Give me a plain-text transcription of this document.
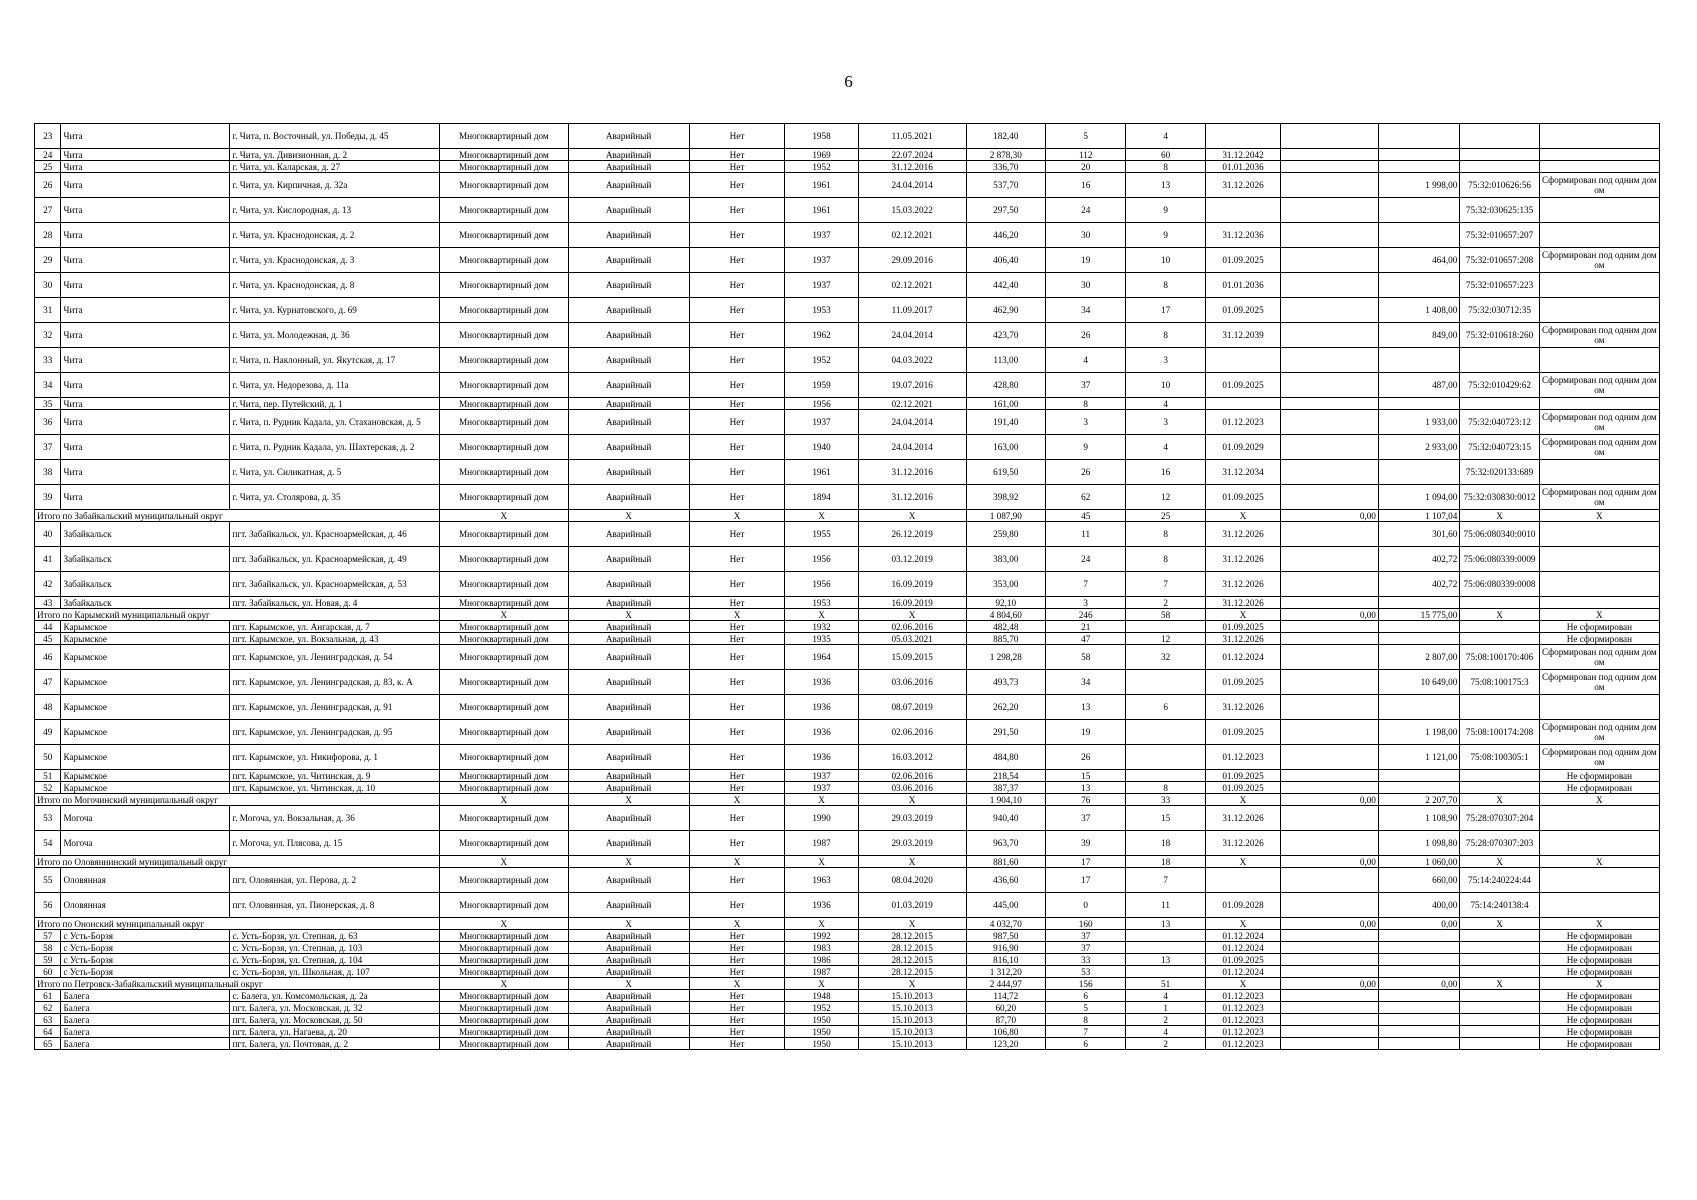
6
23	Чита	г. Чита, п. Восточный, ул. Победы, д. 45	Многоквартирный дом	Аварийный	Нет	1958	11.05.2021	182,40	5	4					
24	Чита	г. Чита, ул. Дивизионная, д. 2	Многоквартирный дом	Аварийный	Нет	1969	22.07.2024	2 878,30	112	60	31.12.2042				
25	Чита	г. Чита, ул. Каларская, д. 27	Многоквартирный дом	Аварийный	Нет	1952	31.12.2016	336,70	20	8	01.01.2036				
26	Чита	г. Чита, ул. Кирпичная, д. 32а	Многоквартирный дом	Аварийный	Нет	1961	24.04.2014	537,70	16	13	31.12.2026		1 998,00	75:32:010626:56	Сформирован под одним домом
27	Чита	г. Чита, ул. Кислородная, д. 13	Многоквартирный дом	Аварийный	Нет	1961	15.03.2022	297,50	24	9				75:32:030625:135	
28	Чита	г. Чита, ул. Краснодонская, д. 2	Многоквартирный дом	Аварийный	Нет	1937	02.12.2021	446,20	30	9	31.12.2036			75:32:010657:207	
29	Чита	г. Чита, ул. Краснодонская, д. 3	Многоквартирный дом	Аварийный	Нет	1937	29.09.2016	406,40	19	10	01.09.2025		464,00	75:32:010657:208	Сформирован под одним домом
30	Чита	г. Чита, ул. Краснодонская, д. 8	Многоквартирный дом	Аварийный	Нет	1937	02.12.2021	442,40	30	8	01.01.2036			75:32:010657:223	
31	Чита	г. Чита, ул. Курнатовского, д. 69	Многоквартирный дом	Аварийный	Нет	1953	11.09.2017	462,90	34	17	01.09.2025		1 408,00	75:32:030712:35	
32	Чита	г. Чита, ул. Молодежная, д. 36	Многоквартирный дом	Аварийный	Нет	1962	24.04.2014	423,70	26	8	31.12.2039		849,00	75:32:010618:260	Сформирован под одним домом
33	Чита	г. Чита, п. Наклонный, ул. Якутская, д. 17	Многоквартирный дом	Аварийный	Нет	1952	04.03.2022	113,00	4	3					
34	Чита	г. Чита, ул. Недорезова, д. 11а	Многоквартирный дом	Аварийный	Нет	1959	19.07.2016	428,80	37	10	01.09.2025		487,00	75:32:010429:62	Сформирован под одним домом
35	Чита	г. Чита, пер. Путейский, д. 1	Многоквартирный дом	Аварийный	Нет	1956	02.12.2021	161,00	8	4					
36	Чита	г. Чита, п. Рудник Кадала, ул. Стахановская, д. 5	Многоквартирный дом	Аварийный	Нет	1937	24.04.2014	191,40	3	3	01.12.2023		1 933,00	75:32:040723:12	Сформирован под одним домом
37	Чита	г. Чита, п. Рудник Кадала, ул. Шахтерская, д. 2	Многоквартирный дом	Аварийный	Нет	1940	24.04.2014	163,00	9	4	01.09.2029		2 933,00	75:32:040723:15	Сформирован под одним домом
38	Чита	г. Чита, ул. Силикатная, д. 5	Многоквартирный дом	Аварийный	Нет	1961	31.12.2016	619,50	26	16	31.12.2034			75:32:020133:689	
39	Чита	г. Чита, ул. Столярова, д. 35	Многоквартирный дом	Аварийный	Нет	1894	31.12.2016	398,92	62	12	01.09.2025		1 094,00	75:32:030830:0012	Сформирован под одним домом
Итого по Забайкальский муниципальный округ			X	X	X	X	X	1 087,90	45	25	X	0,00	1 107,04	X	X
40	Забайкальск	пгт. Забайкальск, ул. Красноармейская, д. 46	Многоквартирный дом	Аварийный	Нет	1955	26.12.2019	259,80	11	8	31.12.2026		301,60	75:06:080340:0010	
41	Забайкальск	пгт. Забайкальск, ул. Красноармейская, д. 49	Многоквартирный дом	Аварийный	Нет	1956	03.12.2019	383,00	24	8	31.12.2026		402,72	75:06:080339:0009	
42	Забайкальск	пгт. Забайкальск, ул. Красноармейская, д. 53	Многоквартирный дом	Аварийный	Нет	1956	16.09.2019	353,00	7	7	31.12.2026		402,72	75:06:080339:0008	
43	Забайкальск	пгт. Забайкальск, ул. Новая, д. 4	Многоквартирный дом	Аварийный	Нет	1953	16.09.2019	92,10	3	2	31.12.2026				
Итого по Карымский муниципальный округ			X	X	X	X	X	4 804,60	246	58	X	0,00	15 775,00	X	X
44	Карымское	пгт. Карымское, ул. Ангарская, д. 7	Многоквартирный дом	Аварийный	Нет	1932	02.06.2016	482,48	21		01.09.2025				Не сформирован
45	Карымское	пгт. Карымское, ул. Вокзальная, д. 43	Многоквартирный дом	Аварийный	Нет	1935	05.03.2021	885,70	47	12	31.12.2026				Не сформирован
46	Карымское	пгт. Карымское, ул. Ленинградская, д. 54	Многоквартирный дом	Аварийный	Нет	1964	15.09.2015	1 298,28	58	32	01.12.2024		2 807,00	75:08:100170:406	Сформирован под одним домом
47	Карымское	пгт. Карымское, ул. Ленинградская, д. 83, к. А	Многоквартирный дом	Аварийный	Нет	1936	03.06.2016	493,73	34		01.09.2025		10 649,00	75:08:100175:3	Сформирован под одним домом
48	Карымское	пгт. Карымское, ул. Ленинградская, д. 91	Многоквартирный дом	Аварийный	Нет	1936	08.07.2019	262,20	13	6	31.12.2026				
49	Карымское	пгт. Карымское, ул. Ленинградская, д. 95	Многоквартирный дом	Аварийный	Нет	1936	02.06.2016	291,50	19		01.09.2025		1 198,00	75:08:100174:208	Сформирован под одним домом
50	Карымское	пгт. Карымское, ул. Никифорова, д. 1	Многоквартирный дом	Аварийный	Нет	1936	16.03.2012	484,80	26		01.12.2023		1 121,00	75:08:100305:1	Сформирован под одним домом
51	Карымское	пгт. Карымское, ул. Читинская, д. 9	Многоквартирный дом	Аварийный	Нет	1937	02.06.2016	218,54	15		01.09.2025				Не сформирован
52	Карымское	пгт. Карымское, ул. Читинская, д. 10	Многоквартирный дом	Аварийный	Нет	1937	03.06.2016	387,37	13	8	01.09.2025				Не сформирован
Итого по Могочинский муниципальный округ			X	X	X	X	X	1 904,10	76	33	X	0,00	2 207,70	X	X
53	Могоча	г. Могоча, ул. Вокзальная, д. 36	Многоквартирный дом	Аварийный	Нет	1990	29.03.2019	940,40	37	15	31.12.2026		1 108,90	75:28:070307:204	
54	Могоча	г. Могоча, ул. Плясова, д. 15	Многоквартирный дом	Аварийный	Нет	1987	29.03.2019	963,70	39	18	31.12.2026		1 098,80	75:28:070307:203	
Итого по Оловяннинский муниципальный округ			X	X	X	X	X	881,60	17	18	X	0,00	1 060,00	X	X
55	Оловянная	пгт. Оловянная, ул. Перова, д. 2	Многоквартирный дом	Аварийный	Нет	1963	08.04.2020	436,60	17	7			660,00	75:14:240224:44	
56	Оловянная	пгт. Оловянная, ул. Пионерская, д. 8	Многоквартирный дом	Аварийный	Нет	1936	01.03.2019	445,00	0	11	01.09.2028		400,00	75:14:240138:4	
Итого по Ононский муниципальный округ			X	X	X	X	X	4 032,70	160	13	X	0,00	0,00	X	X
57	с Усть-Борзя	с. Усть-Борзя, ул. Степная, д. 63	Многоквартирный дом	Аварийный	Нет	1992	28.12.2015	987,50	37		01.12.2024				Не сформирован
58	с Усть-Борзя	с. Усть-Борзя, ул. Степная, д. 103	Многоквартирный дом	Аварийный	Нет	1983	28.12.2015	916,90	37		01.12.2024				Не сформирован
59	с Усть-Борзя	с. Усть-Борзя, ул. Степная, д. 104	Многоквартирный дом	Аварийный	Нет	1986	28.12.2015	816,10	33	13	01.09.2025				Не сформирован
60	с Усть-Борзя	с. Усть-Борзя, ул. Школьная, д. 107	Многоквартирный дом	Аварийный	Нет	1987	28.12.2015	1 312,20	53		01.12.2024				Не сформирован
Итого по Петровск-Забайкальский муниципальный округ			X	X	X	X	X	2 444,97	156	51	X	0,00	0,00	X	X
61	Балега	с. Балега, ул. Комсомольская, д. 2а	Многоквартирный дом	Аварийный	Нет	1948	15.10.2013	114,72	6	4	01.12.2023				Не сформирован
62	Балега	пгт. Балега, ул. Московская, д. 32	Многоквартирный дом	Аварийный	Нет	1952	15.10.2013	60,20	5	1	01.12.2023				Не сформирован
63	Балега	пгт. Балега, ул. Московская, д. 50	Многоквартирный дом	Аварийный	Нет	1950	15.10.2013	87,70	8	2	01.12.2023				Не сформирован
64	Балега	пгт. Балега, ул. Нагаева, д. 20	Многоквартирный дом	Аварийный	Нет	1950	15.10.2013	106,80	7	4	01.12.2023				Не сформирован
65	Балега	пгт. Балега, ул. Почтовая, д. 2	Многоквартирный дом	Аварийный	Нет	1950	15.10.2013	123,20	6	2	01.12.2023				Не сформирован
